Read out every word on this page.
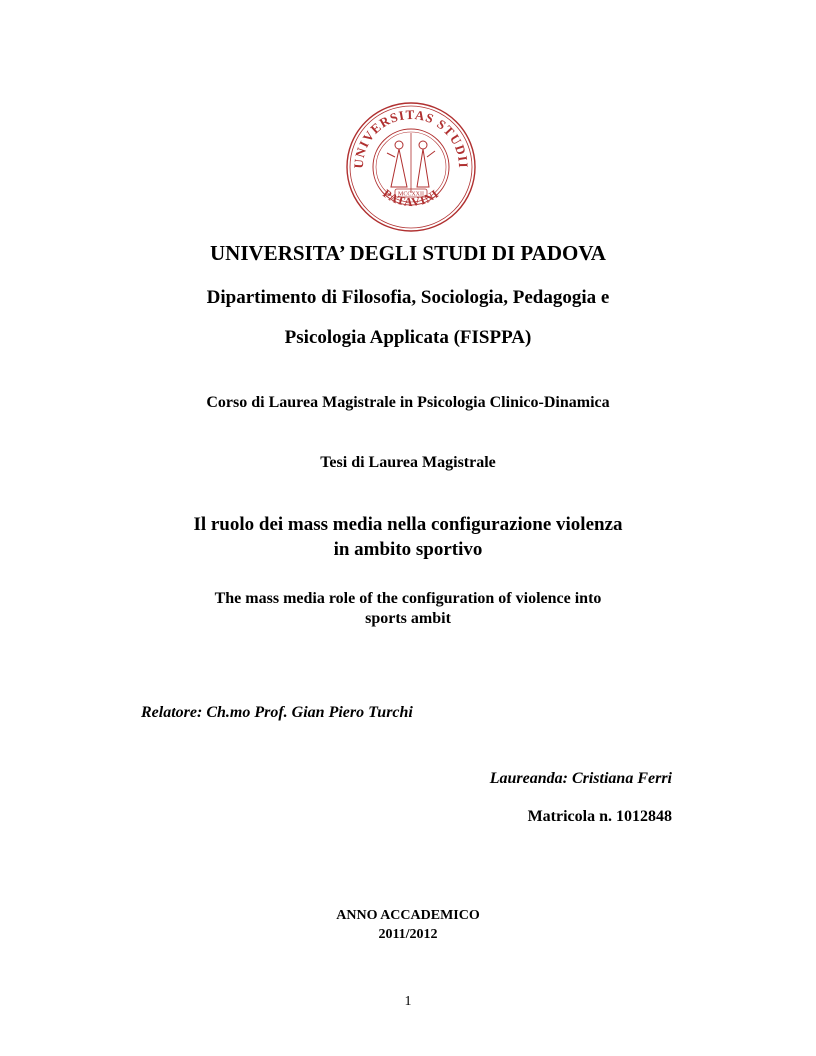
UNIVERSITAS STUDII
PATAVINI
MCCXXII

UNIVERSITA’ DEGLI STUDI DI PADOVA

Dipartimento di Filosofia, Sociologia, Pedagogia e

Psicologia Applicata (FISPPA)

Corso di Laurea Magistrale in Psicologia Clinico-Dinamica

Tesi di Laurea Magistrale

Il ruolo dei mass media nella configurazione violenza
in ambito sportivo
The mass media role of the configuration of violence into
sports ambit

Relatore: Ch.mo Prof. Gian Piero Turchi

Laureanda: Cristiana Ferri

Matricola n. 1012848

ANNO ACCADEMICO
2011/2012
1
